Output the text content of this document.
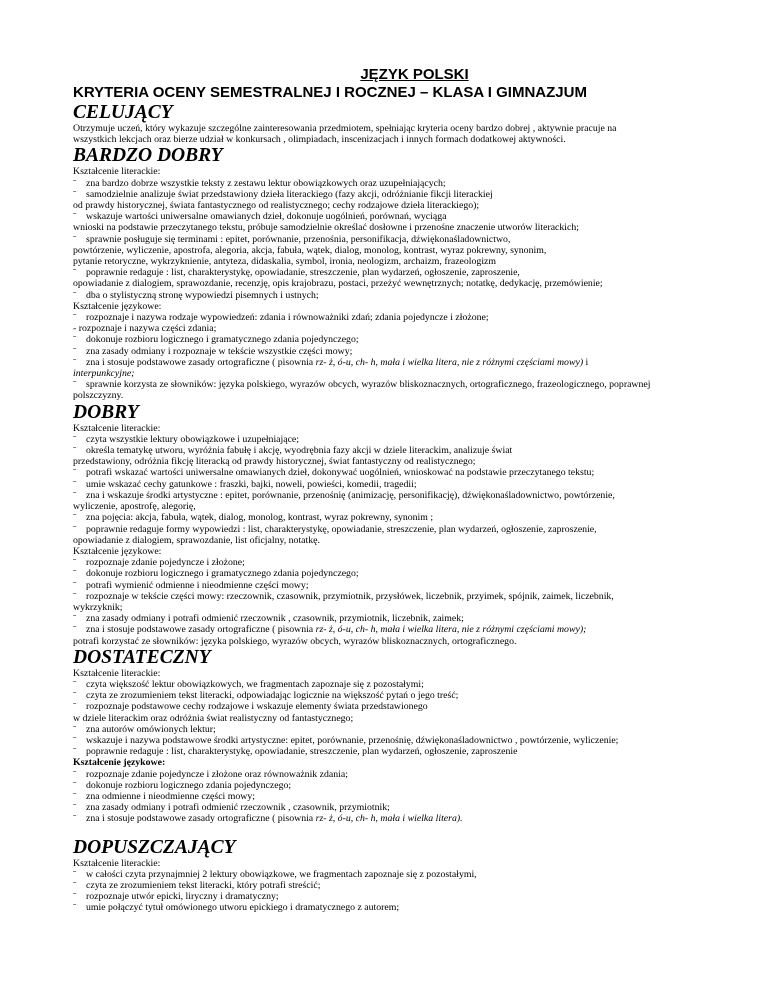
JĘZYK POLSKI

KRYTERIA OCENY SEMESTRALNEJ I ROCZNEJ – KLASA I GIMNAZJUM

CELUJĄCY

Otrzymuje uczeń, który wykazuje szczególne zainteresowania przedmiotem, spełniając kryteria oceny bardzo dobrej , aktywnie pracuje na

wszystkich lekcjach oraz bierze udział w konkursach , olimpiadach, inscenizacjach i innych formach dodatkowej aktywności.

BARDZO DOBRY

Kształcenie literackie:

ˉ zna bardzo dobrze wszystkie teksty z zestawu lektur obowiązkowych oraz uzupełniających;

ˉ samodzielnie analizuje świat przedstawiony dzieła literackiego (fazy akcji, odróżnianie fikcji literackiej

od prawdy historycznej, świata fantastycznego od realistycznego; cechy rodzajowe dzieła literackiego);

ˉ wskazuje wartości uniwersalne omawianych dzieł, dokonuje uogólnień, porównań, wyciąga

wnioski na podstawie przeczytanego tekstu, próbuje samodzielnie określać dosłowne i przenośne znaczenie utworów literackich;

ˉ sprawnie posługuje się terminami : epitet, porównanie, przenośnia, personifikacja, dźwiękonaśladownictwo,

powtórzenie, wyliczenie, apostrofa, alegoria, akcja, fabuła, wątek, dialog, monolog, kontrast, wyraz pokrewny, synonim,

pytanie retoryczne, wykrzyknienie, antyteza, didaskalia, symbol, ironia, neologizm, archaizm, frazeologizm

ˉ poprawnie redaguje : list, charakterystykę, opowiadanie, streszczenie, plan wydarzeń, ogłoszenie, zaproszenie,

opowiadanie z dialogiem, sprawozdanie, recenzję, opis krajobrazu, postaci, przeżyć wewnętrznych; notatkę, dedykację, przemówienie;

ˉ dba o stylistyczną stronę wypowiedzi pisemnych i ustnych;

Kształcenie językowe:

ˉ rozpoznaje i nazywa rodzaje wypowiedzeń: zdania i równoważniki zdań; zdania pojedyncze i złożone;

- rozpoznaje i nazywa części zdania;

ˉ dokonuje rozbioru logicznego i gramatycznego zdania pojedynczego;

ˉ zna zasady odmiany i rozpoznaje w tekście wszystkie części mowy;

ˉ zna i stosuje podstawowe zasady ortograficzne ( pisownia rz- ż, ó-u, ch- h, mała i wielka litera, nie z różnymi częściami mowy) i

interpunkcyjne;

ˉ sprawnie korzysta ze słowników: języka polskiego, wyrazów obcych, wyrazów bliskoznacznych, ortograficznego, frazeologicznego, poprawnej

polszczyzny.

DOBRY

Kształcenie literackie:

ˉ czyta wszystkie lektury obowiązkowe i uzupełniające;

ˉ określa tematykę utworu, wyróżnia fabułę i akcję, wyodrębnia fazy akcji w dziele literackim, analizuje świat

przedstawiony, odróżnia fikcję literacką od prawdy historycznej, świat fantastyczny od realistycznego;

ˉ potrafi wskazać wartości uniwersalne omawianych dzieł, dokonywać uogólnień, wnioskować na podstawie przeczytanego tekstu;

ˉ umie wskazać cechy gatunkowe : fraszki, bajki, noweli, powieści, komedii, tragedii;

ˉ zna i wskazuje środki artystyczne : epitet, porównanie, przenośnię (animizację, personifikację), dźwiękonaśladownictwo, powtórzenie,

wyliczenie, apostrofę, alegorię,

ˉ zna pojęcia: akcja, fabuła, wątek, dialog, monolog, kontrast, wyraz pokrewny, synonim ;

ˉ poprawnie redaguje formy wypowiedzi : list, charakterystykę, opowiadanie, streszczenie, plan wydarzeń, ogłoszenie, zaproszenie,

opowiadanie z dialogiem, sprawozdanie, list oficjalny, notatkę.

Kształcenie językowe:

ˉ rozpoznaje zdanie pojedyncze i złożone;

ˉ dokonuje rozbioru logicznego i gramatycznego zdania pojedynczego;

ˉ potrafi wymienić odmienne i nieodmienne części mowy;

ˉ rozpoznaje w tekście części mowy: rzeczownik, czasownik, przymiotnik, przysłówek, liczebnik, przyimek, spójnik, zaimek, liczebnik,

wykrzyknik;

ˉ zna zasady odmiany i potrafi odmienić rzeczownik , czasownik, przymiotnik, liczebnik, zaimek;

ˉ zna i stosuje podstawowe zasady ortograficzne ( pisownia rz- ż, ó-u, ch- h, mała i wielka litera, nie z różnymi częściami mowy);

potrafi korzystać ze słowników: języka polskiego, wyrazów obcych, wyrazów bliskoznacznych, ortograficznego.

DOSTATECZNY

Kształcenie literackie:

ˉ czyta większość lektur obowiązkowych, we fragmentach zapoznaje się z pozostałymi;

ˉ czyta ze zrozumieniem tekst literacki, odpowiadając logicznie na większość pytań o jego treść;

ˉ rozpoznaje podstawowe cechy rodzajowe i wskazuje elementy świata przedstawionego

w dziele literackim oraz odróżnia świat realistyczny od fantastycznego;

ˉ zna autorów omówionych lektur;

ˉ wskazuje i nazywa podstawowe środki artystyczne: epitet, porównanie, przenośnię, dźwiękonaśladownictwo , powtórzenie, wyliczenie;

ˉ poprawnie redaguje : list, charakterystykę, opowiadanie, streszczenie, plan wydarzeń, ogłoszenie, zaproszenie

Kształcenie językowe:

ˉ rozpoznaje zdanie pojedyncze i złożone oraz równoważnik zdania;

ˉ dokonuje rozbioru logicznego zdania pojedynczego;

ˉ zna odmienne i nieodmienne części mowy;

ˉ zna zasady odmiany i potrafi odmienić rzeczownik , czasownik, przymiotnik;

ˉ zna i stosuje podstawowe zasady ortograficzne ( pisownia rz- ż, ó-u, ch- h, mała i wielka litera).

DOPUSZCZAJĄCY

Kształcenie literackie:

ˉ w całości czyta przynajmniej 2 lektury obowiązkowe, we fragmentach zapoznaje się z pozostałymi,

ˉ czyta ze zrozumieniem tekst literacki, który potrafi streścić;

ˉ rozpoznaje utwór epicki, liryczny i dramatyczny;

ˉ umie połączyć tytuł omówionego utworu epickiego i dramatycznego z autorem;
